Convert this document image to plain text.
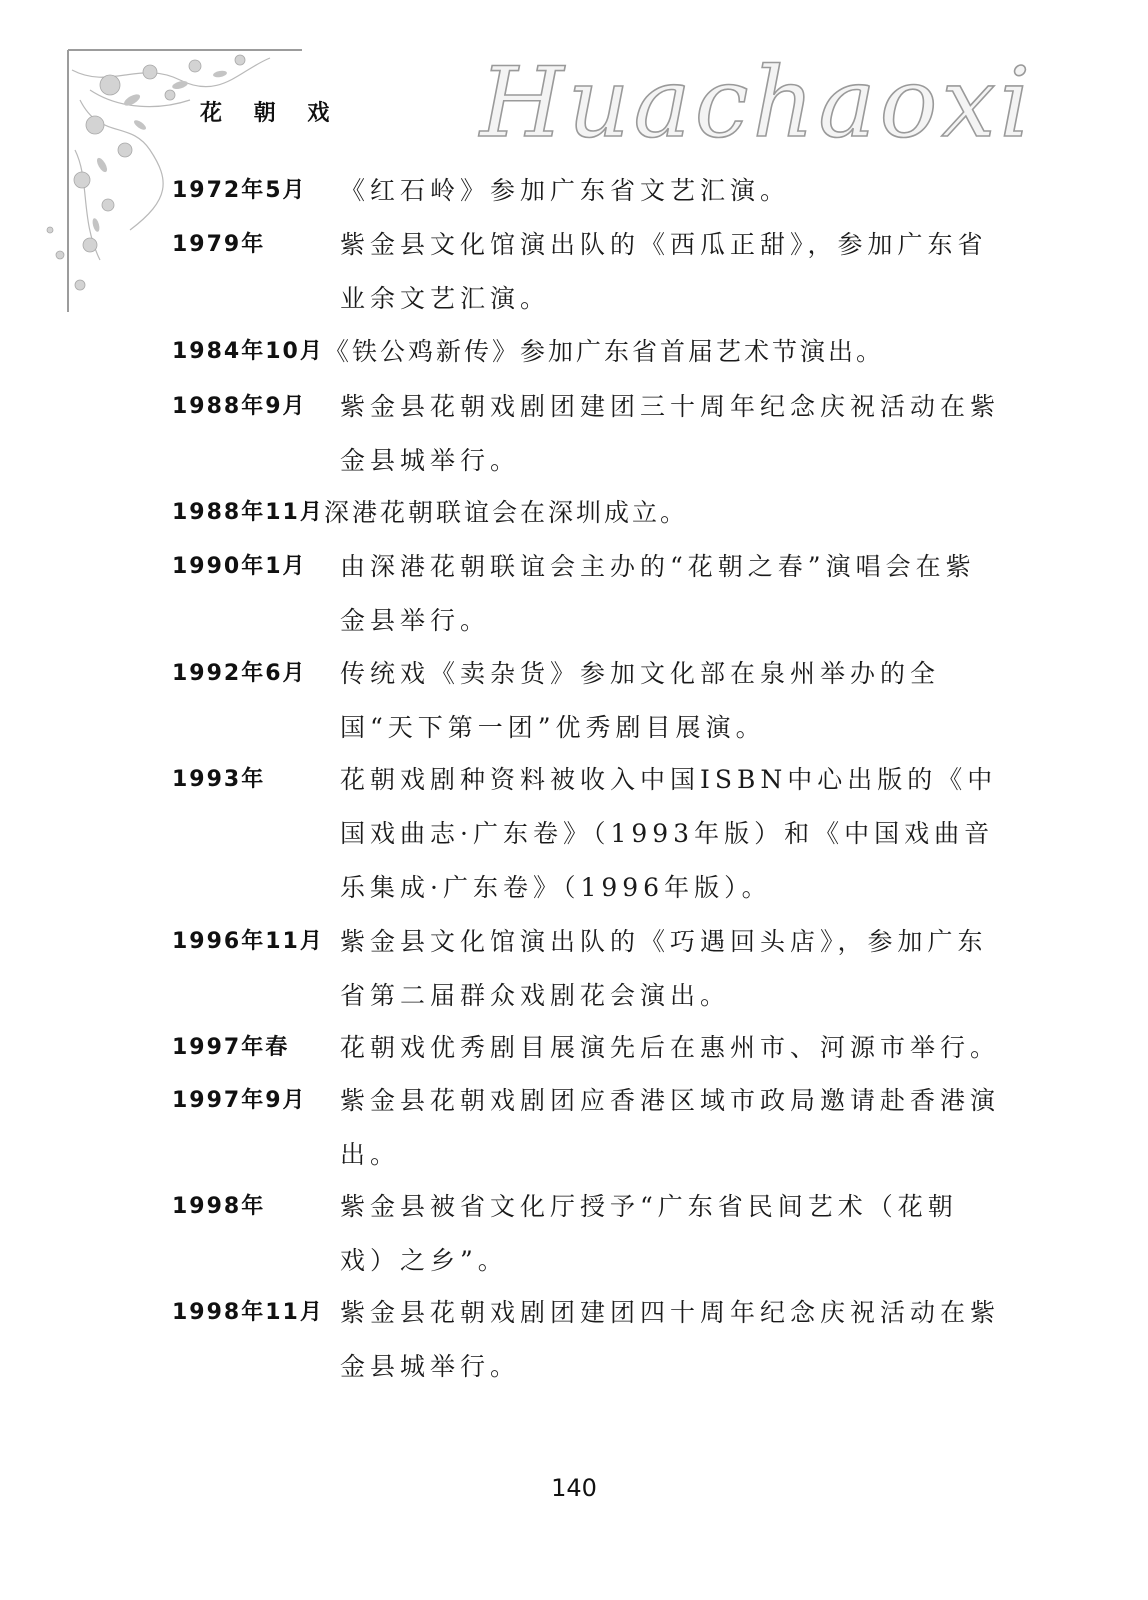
花 朝 戏 Huachaoxi
1972年5月 《红石岭》参加广东省文艺汇演。

1979年	紫金县文化馆演出队的《西瓜正甜》，参加广东省业余文艺汇演。

1984年10月 《铁公鸡新传》参加广东省首届艺术节演出。

1988年9月 紫金县花朝戏剧团建团三十周年纪念庆祝活动在紫金县城举行。

1988年11月 深港花朝联谊会在深圳成立。

1990年1月 由深港花朝联谊会主办的“花朝之春”演唱会在紫金县举行。

1992年6月 传统戏《卖杂货》参加文化部在泉州举办的全国“天下第一团”优秀剧目展演。

1993年	花朝戏剧种资料被收入中国ISBN中心出版的《中国戏曲志·广东卷》（1993年版）和《中国戏曲音乐集成·广东卷》（1996年版）。

1996年11月 紫金县文化馆演出队的《巧遇回头店》，参加广东省第二届群众戏剧花会演出。

1997年春 花朝戏优秀剧目展演先后在惠州市、河源市举行。

1997年9月 紫金县花朝戏剧团应香港区域市政局邀请赴香港演出。

1998年	紫金县被省文化厅授予“广东省民间艺术（花朝戏）之乡”。

1998年11月 紫金县花朝戏剧团建团四十周年纪念庆祝活动在紫金县城举行。

140
